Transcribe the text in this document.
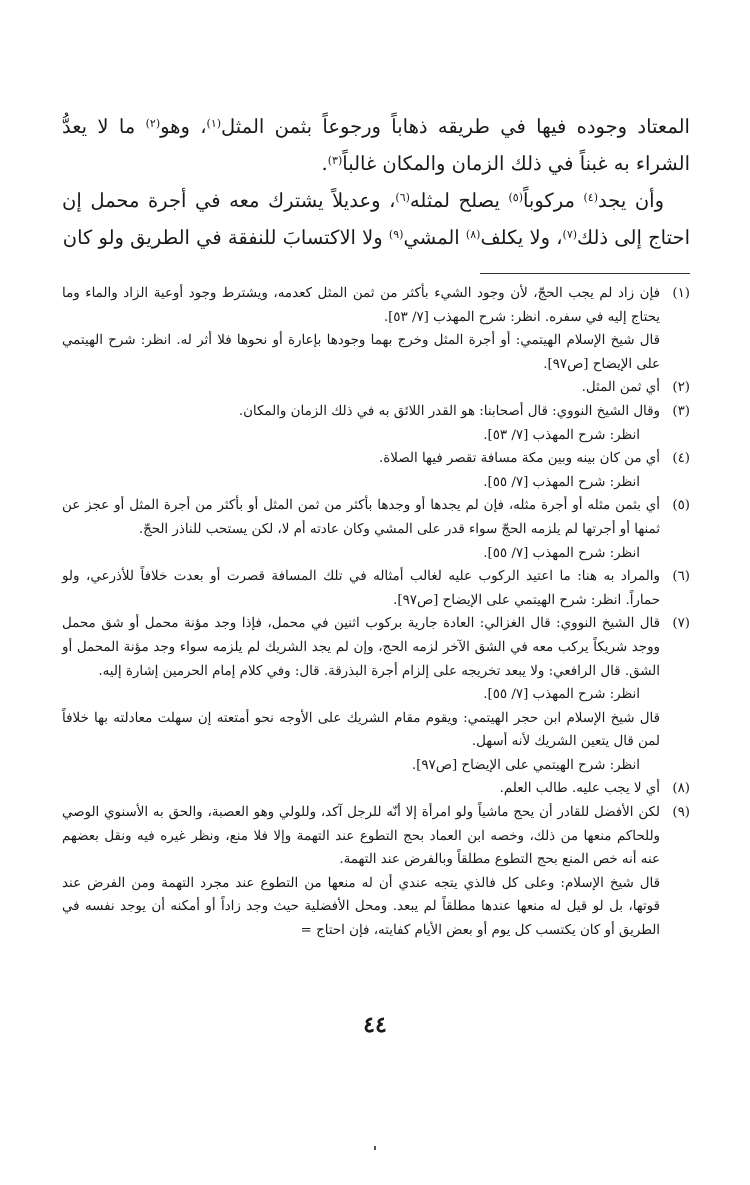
المعتاد وجوده فيها في طريقه ذهاباً ورجوعاً بثمن المثل$^{(١)}$، وهو$^{(٢)}$ ما لا يعدُّ الشراء به غبناً في ذلك الزمان والمكان غالباً$^{(٣)}$.

وأن يجد$^{(٤)}$ مركوباً$^{(٥)}$ يصلح لمثله$^{(٦)}$، وعديلاً يشترك معه في أجرة محمل إن احتاج إلى ذلك$^{(٧)}$، ولا يكلف$^{(٨)}$ المشي$^{(٩)}$ ولا الاكتسابَ للنفقة في الطريق ولو كان

(١)

فإن زاد لم يجب الحجّ، لأن وجود الشيء بأكثر من ثمن المثل كعدمه، ويشترط وجود أوعية الزاد والماء وما يحتاج إليه في سفره. انظر: شرح المهذب [٧/ ٥٣].

قال شيخ الإسلام الهيتمي: أو أجرة المثل وخرج بهما وجودها بإعارة أو نحوها فلا أثر له. انظر: شرح الهيتمي على الإيضاح [ص٩٧].

(٢)

أي ثمن المثل.

(٣)

وقال الشيخ النووي: قال أصحابنا: هو القدر اللائق به في ذلك الزمان والمكان.

انظر: شرح المهذب [٧/ ٥٣].

(٤)

أي من كان بينه وبين مكة مسافة تقصر فيها الصلاة.

انظر: شرح المهذب [٧/ ٥٥].

(٥)

أي بثمن مثله أو أجرة مثله، فإن لم يجدها أو وجدها بأكثر من ثمن المثل أو بأكثر من أجرة المثل أو عجز عن ثمنها أو أجرتها لم يلزمه الحجّ سواء قدر على المشي وكان عادته أم لا، لكن يستحب للناذر الحجّ.

انظر: شرح المهذب [٧/ ٥٥].

(٦)

والمراد به هنا: ما اعتيد الركوب عليه لغالب أمثاله في تلك المسافة قصرت أو بعدت خلافاً للأذرعي، ولو حماراً. انظر: شرح الهيتمي على الإيضاح [ص٩٧].

(٧)

قال الشيخ النووي: قال الغزالي: العادة جارية بركوب اثنين في محمل، فإذا وجد مؤنة محمل أو شق محمل ووجد شريكاً يركب معه في الشق الآخر لزمه الحج، وإن لم يجد الشريك لم يلزمه سواء وجد مؤنة المحمل أو الشق. قال الرافعي: ولا يبعد تخريجه على إلزام أجرة البذرقة. قال: وفي كلام إمام الحرمين إشارة إليه.

انظر: شرح المهذب [٧/ ٥٥].

قال شيخ الإسلام ابن حجر الهيتمي: ويقوم مقام الشريك على الأوجه نحو أمتعته إن سهلت معادلته بها خلافاً لمن قال يتعين الشريك لأنه أسهل.

انظر: شرح الهيتمي على الإيضاح [ص٩٧].

(٨)

أي لا يجب عليه. طالب العلم.

(٩)

لكن الأفضل للقادر أن يحج ماشياً ولو امرأة إلا أنّه للرجل آكد، وللولي وهو العصبة، والحق به الأسنوي الوصي وللحاكم منعها من ذلك، وخصه ابن العماد بحج التطوع عند التهمة وإلا فلا منع، ونظر غيره فيه ونقل بعضهم عنه أنه خص المنع بحج التطوع مطلقاً وبالفرض عند التهمة.

قال شيخ الإسلام: وعلى كل فالذي يتجه عندي أن له منعها من التطوع عند مجرد التهمة ومن الفرض عند قوتها، بل لو قيل له منعها عندها مطلقاً لم يبعد. ومحل الأفضلية حيث وجد زاداً أو أمكنه أن يوجد نفسه في الطريق أو كان يكتسب كل يوم أو بعض الأيام كفايته، فإن احتاج =

٤٤
